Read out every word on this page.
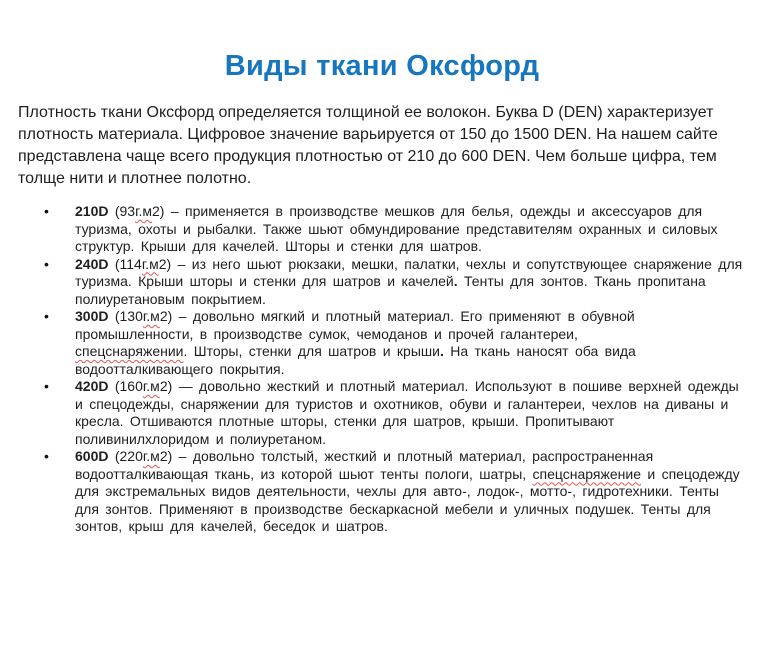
Виды ткани Оксфорд
Плотность ткани Оксфорд определяется толщиной ее волокон. Буква D (DEN) характеризует
плотность материала. Цифровое значение варьируется от 150 до 1500 DEN. На нашем сайте
представлена чаще всего продукция плотностью от 210 до 600 DEN. Чем больше цифра, тем
толще нити и плотнее полотно.
• 210D (93г.м2) – применяется в производстве мешков для белья, одежды и аксессуаров для
туризма, охоты и рыбалки. Также шьют обмундирование представителям охранных и силовых
структур. Крыши для качелей. Шторы и стенки для шатров.
• 240D (114г.м2) – из него шьют рюкзаки, мешки, палатки, чехлы и сопутствующее снаряжение для
туризма. Крыши шторы и стенки для шатров и качелей. Тенты для зонтов. Ткань пропитана
полиуретановым покрытием.
• 300D (130г.м2) – довольно мягкий и плотный материал. Его применяют в обувной
промышленности, в производстве сумок, чемоданов и прочей галантереи,
спецснаряжении. Шторы, стенки для шатров и крыши. На ткань наносят оба вида
водоотталкивающего покрытия.
• 420D (160г.м2) — довольно жесткий и плотный материал. Используют в пошиве верхней одежды
и спецодежды, снаряжении для туристов и охотников, обуви и галантереи, чехлов на диваны и
кресла. Отшиваются плотные шторы, стенки для шатров, крыши. Пропитывают
поливинилхлоридом и полиуретаном.
• 600D (220г.м2) – довольно толстый, жесткий и плотный материал, распространенная
водоотталкивающая ткань, из которой шьют тенты пологи, шатры, спецснаряжение и спецодежду
для экстремальных видов деятельности, чехлы для авто-, лодок-, мотто-, гидротехники. Тенты
для зонтов. Применяют в производстве бескаркасной мебели и уличных подушек. Тенты для
зонтов, крыш для качелей, беседок и шатров.
